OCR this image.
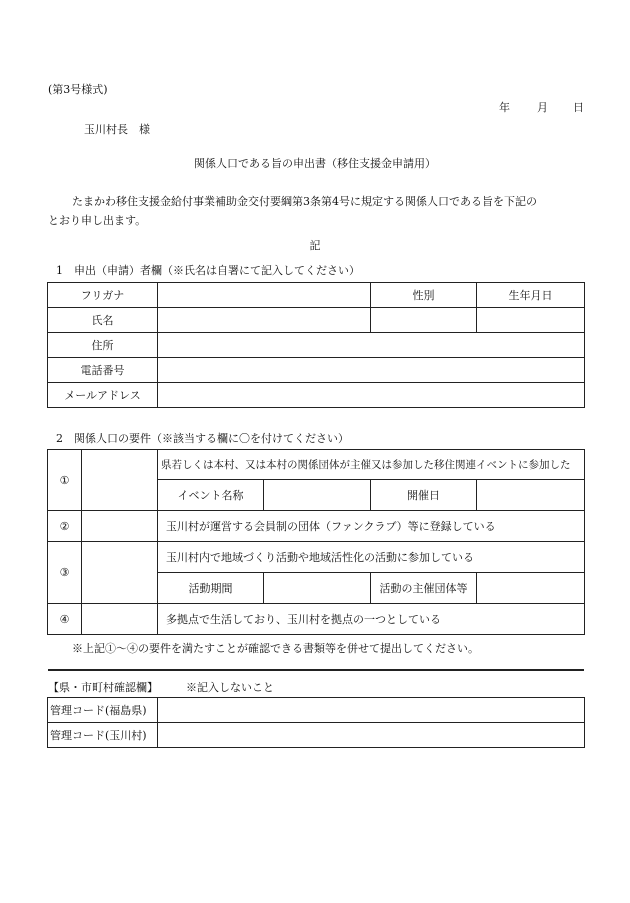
(第3号様式)
年 月 日
玉川村長　様
関係人口である旨の申出書（移住支援金申請用）
たまかわ移住支援金給付事業補助金交付要綱第3条第4号に規定する関係人口である旨を下記の
とおり申し出ます。
記
1　申出（申請）者欄（※氏名は自署にて記入してください）
フリガナ		性別	生年月日
氏名			
住所			
電話番号			
メールアドレス			
2　関係人口の要件（※該当する欄に〇を付けてください）
①		県若しくは本村、又は本村の関係団体が主催又は参加した移住関連イベントに参加した			
		イベント名称		開催日	
②		玉川村が運営する会員制の団体（ファンクラブ）等に登録している			
③		玉川村内で地域づくり活動や地域活性化の活動に参加している			
		活動期間		活動の主催団体等	
④		多拠点で生活しており、玉川村を拠点の一つとしている			
※上記①～④の要件を満たすことが確認できる書類等を併せて提出してください。
【県・市町村確認欄】	※記入しないこと
管理コード(福島県)	
管理コード(玉川村)	
